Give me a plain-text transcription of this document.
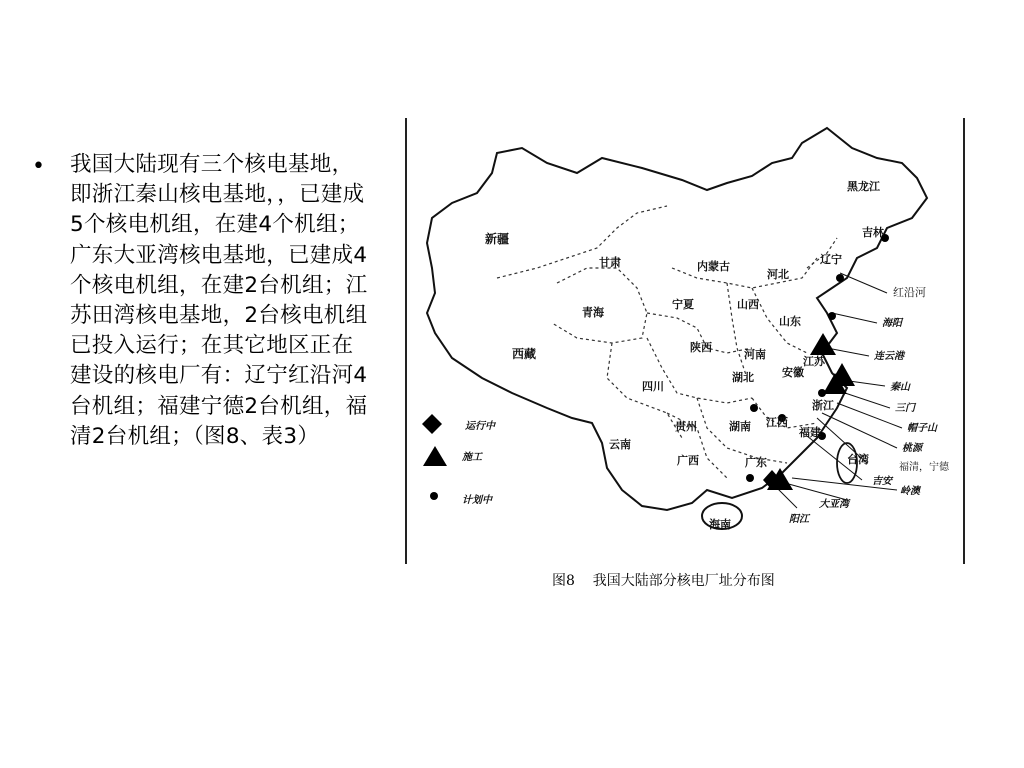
• 我国大陆现有三个核电基地，即浙江秦山核电基地，，已建成5个核电机组，在建4个机组；广东大亚湾核电基地，已建成4个核电机组，在建2台机组；江苏田湾核电基地，2台核电机组已投入运行；在其它地区正在建设的核电厂有：辽宁红沿河4台机组；福建宁德2台机组，福清2台机组；（图8、表3）	运行中
施工
计划中
新疆
甘肃	内蒙古
河北
辽宁
黑龙江
吉林
青海
宁夏	山西
山东
西藏	陕西
河南
江苏
安徽
四川
湖北
浙江
江西
云南
贵州	湖南	福建
广西	广东	台湾
海南
红沿河
海阳
连云港
秦山
三门
帽子山
桃源
福清，宁德
吉安
岭澳
大亚湾
阳江
图8    我国大陆部分核电厂址分布图
